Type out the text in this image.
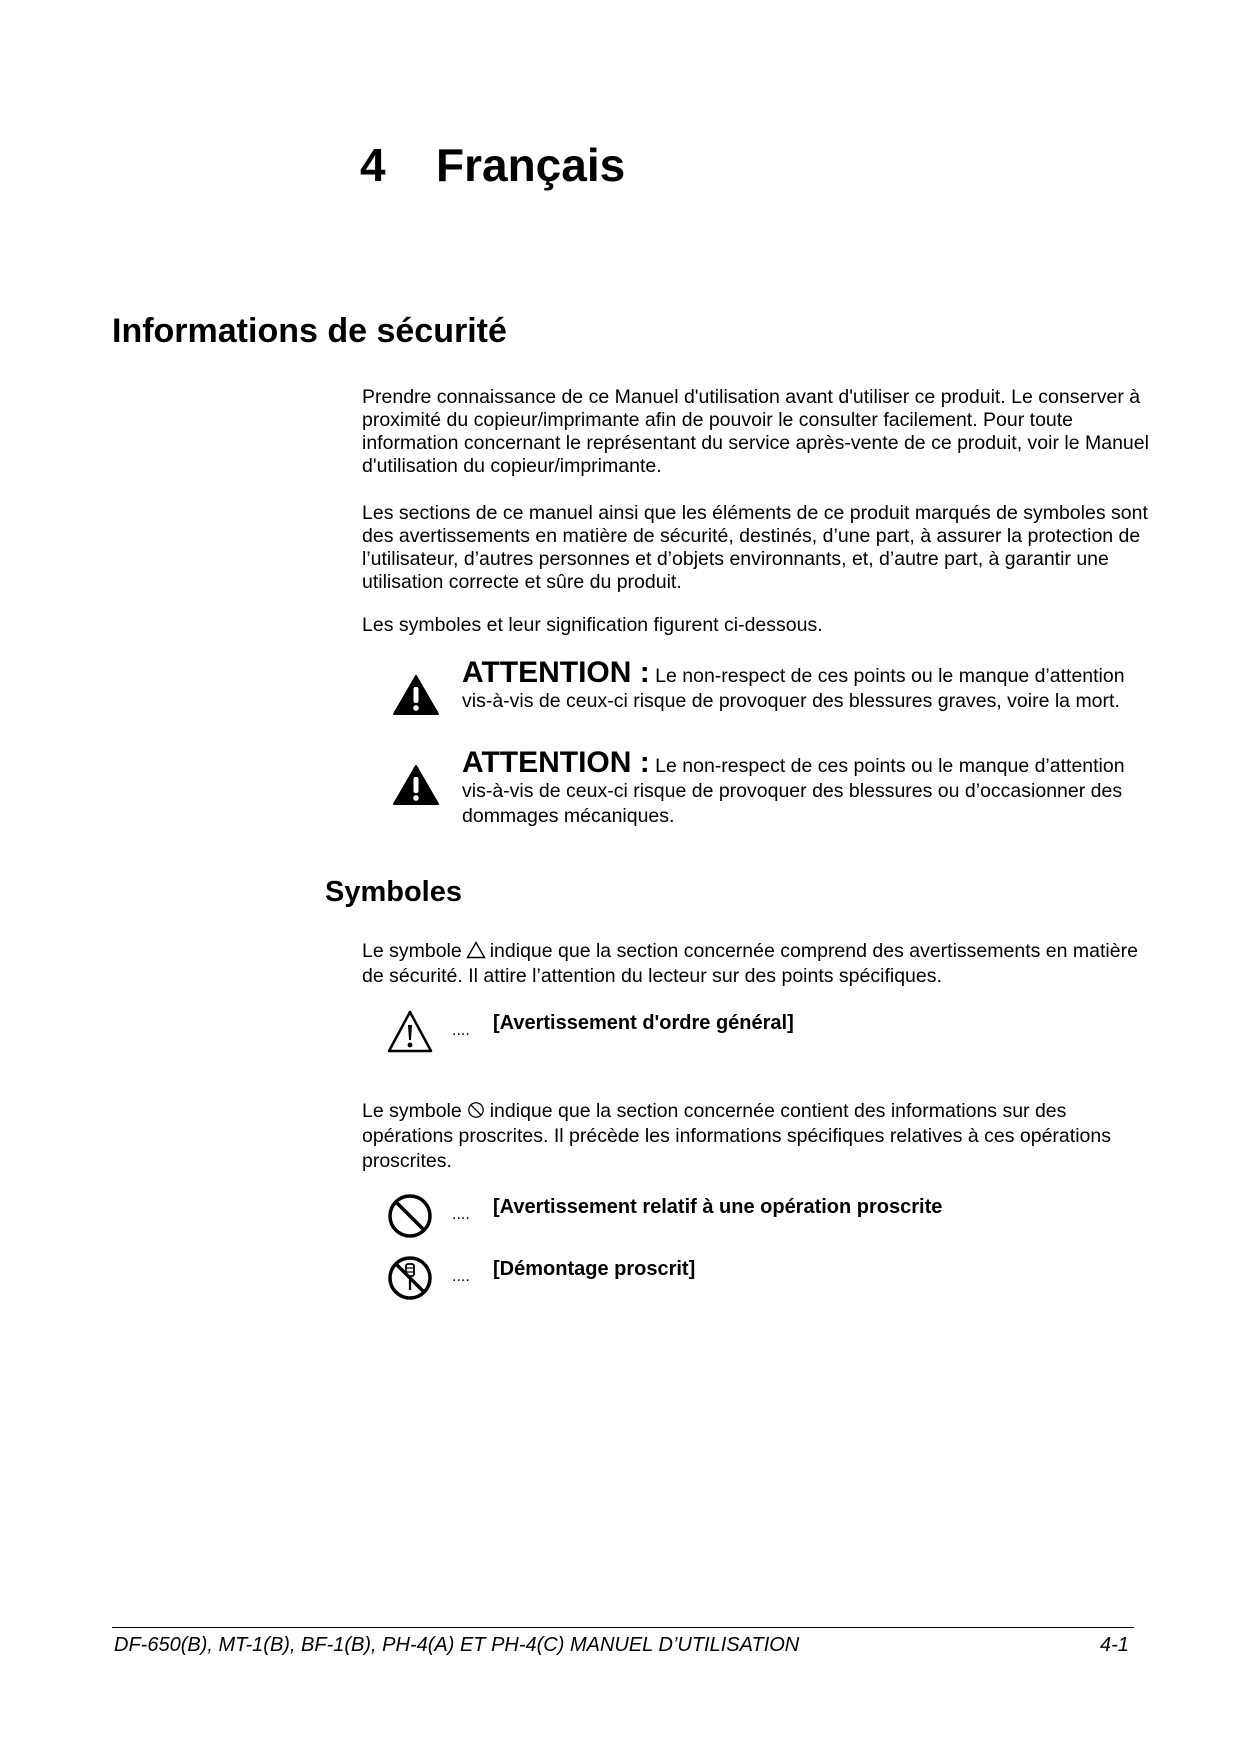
4 Français
Informations de sécurité

Prendre connaissance de ce Manuel d'utilisation avant d'utiliser ce produit. Le conserver à proximité du copieur/imprimante afin de pouvoir le consulter facilement. Pour toute information concernant le représentant du service après-vente de ce produit, voir le Manuel d'utilisation du copieur/imprimante.

Les sections de ce manuel ainsi que les éléments de ce produit marqués de symboles sont des avertissements en matière de sécurité, destinés, d’une part, à assurer la protection de l’utilisateur, d’autres personnes et d’objets environnants, et, d’autre part, à garantir une utilisation correcte et sûre du produit.

Les symboles et leur signification figurent ci-dessous.

ATTENTION : Le non-respect de ces points ou le manque d’attention vis-à-vis de ceux-ci risque de provoquer des blessures graves, voire la mort.

ATTENTION : Le non-respect de ces points ou le manque d’attention vis-à-vis de ceux-ci risque de provoquer des blessures ou d’occasionner des dommages mécaniques.

Symboles

Le symbole indique que la section concernée comprend des avertissements en matière de sécurité. Il attire l’attention du lecteur sur des points spécifiques.

.... [Avertissement d'ordre général]

Le symbole indique que la section concernée contient des informations sur des opérations proscrites. Il précède les informations spécifiques relatives à ces opérations proscrites.

.... [Avertissement relatif à une opération proscrite
.... [Démontage proscrit]
DF-650(B), MT-1(B), BF-1(B), PH-4(A) ET PH-4(C) MANUEL D’UTILISATION	4-1
